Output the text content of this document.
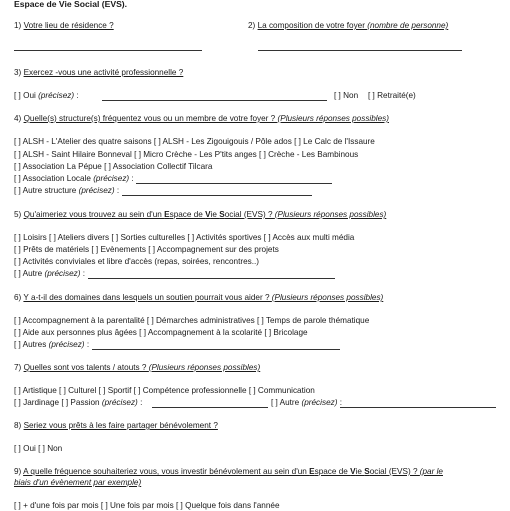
Espace de Vie Social (EVS).
1) Votre lieu de résidence ?	2) La composition de votre foyer (nombre de personne)
3) Exercez -vous une activité professionnelle ?
[ ] Oui (précisez) :	[ ] Non [ ] Retraité(e)
4) Quelle(s) structure(s) fréquentez vous ou un membre de votre foyer ? (Plusieurs réponses possibles)
[ ] ALSH - L'Atelier des quatre saisons [ ] ALSH - Les Zigouigouis / Pôle ados [ ] Le Calc de l'Issaure
[ ] ALSH - Saint Hilaire Bonneval [ ] Micro Crèche - Les P'tits anges [ ] Crèche - Les Bambinous
[ ] Association La Pépue [ ] Association Collectif Tilcara
[ ] Association Locale (précisez) :
[ ] Autre structure (précisez) :
5) Qu'aimeriez vous trouvez au sein d'un Espace de Vie Social (EVS) ? (Plusieurs réponses possibles)
[ ] Loisirs [ ] Ateliers divers [ ] Sorties culturelles [ ] Activités sportives [ ] Accès aux multi média
[ ] Prêts de matériels [ ] Evènements [ ] Accompagnement sur des projets
[ ] Activités conviviales et libre d'accès (repas, soirées, rencontres..)
[ ] Autre (précisez) :
6) Y a-t-il des domaines dans lesquels un soutien pourrait vous aider ? (Plusieurs réponses possibles)
[ ] Accompagnement à la parentalité [ ] Démarches administratives [ ] Temps de parole thématique
[ ] Aide aux personnes plus âgées [ ] Accompagnement à la scolarité [ ] Bricolage
[ ] Autres (précisez) :
7) Quelles sont vos talents / atouts ? (Plusieurs réponses possibles)
[ ] Artistique [ ] Culturel [ ] Sportif [ ] Compétence professionnelle [ ] Communication
[ ] Jardinage [ ] Passion (précisez) :	[ ] Autre (précisez) :
8) Seriez vous prêts à les faire partager bénévolement ?
[ ] Oui [ ] Non
9) A quelle fréquence souhaiteriez vous, vous investir bénévolement au sein d'un Espace de Vie Social (EVS) ? (par le
biais d'un évènement par exemple)
[ ] + d'une fois par mois [ ] Une fois par mois [ ] Quelque fois dans l'année
